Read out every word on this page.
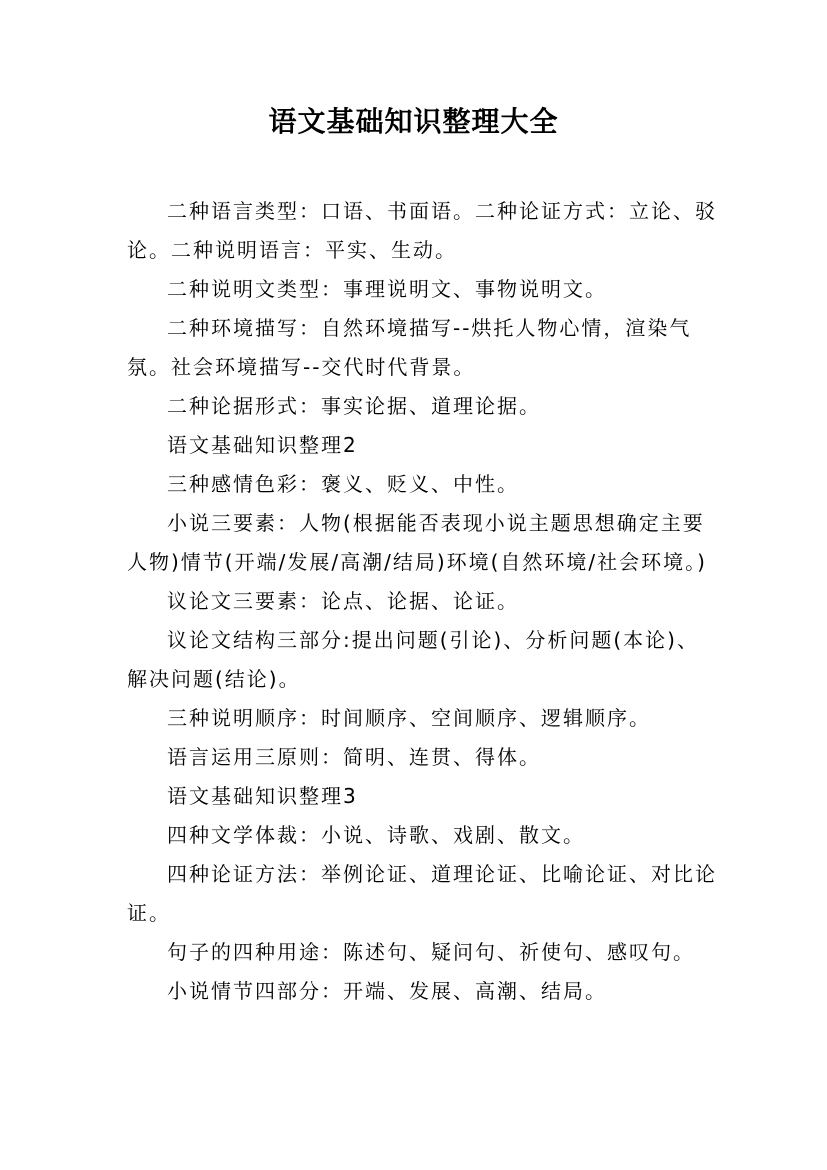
语文基础知识整理大全

二种语言类型：口语、书面语。二种论证方式：立论、驳论。二种说明语言：平实、生动。

二种说明文类型：事理说明文、事物说明文。

二种环境描写：自然环境描写--烘托人物心情，渲染气氛。社会环境描写--交代时代背景。

二种论据形式：事实论据、道理论据。

语文基础知识整理2

三种感情色彩：褒义、贬义、中性。

小说三要素：人物(根据能否表现小说主题思想确定主要人物)情节(开端/发展/高潮/结局)环境(自然环境/社会环境。)

议论文三要素：论点、论据、论证。

议论文结构三部分:提出问题(引论)、分析问题(本论)、解决问题(结论)。

三种说明顺序：时间顺序、空间顺序、逻辑顺序。

语言运用三原则：简明、连贯、得体。

语文基础知识整理3

四种文学体裁：小说、诗歌、戏剧、散文。

四种论证方法：举例论证、道理论证、比喻论证、对比论证。

句子的四种用途：陈述句、疑问句、祈使句、感叹句。

小说情节四部分：开端、发展、高潮、结局。
